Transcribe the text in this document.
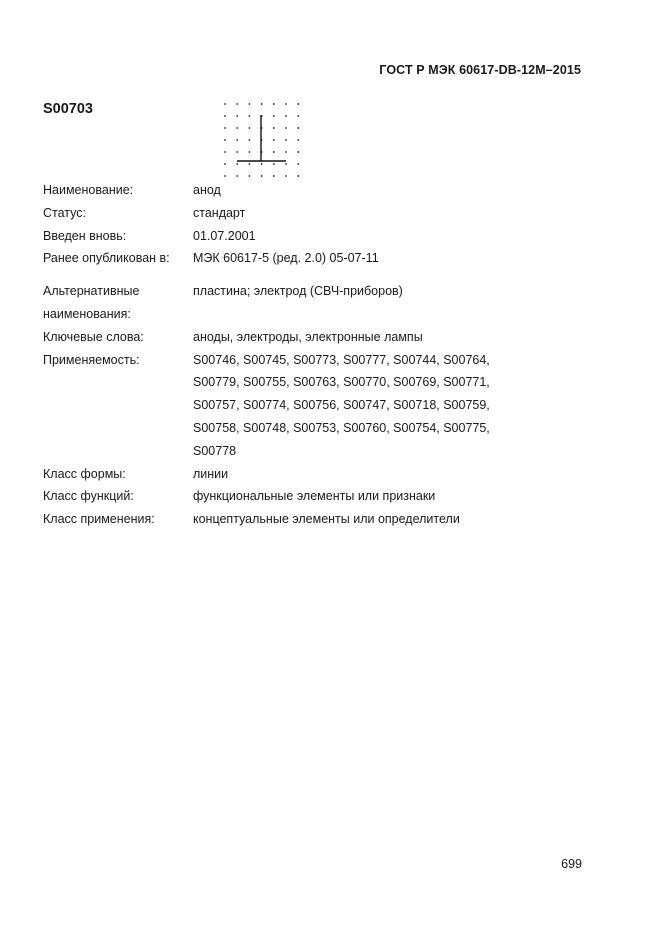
ГОСТ Р МЭК 60617-DB-12M–2015
S00703
Наименование:	анод
Статус:	стандарт
Введен вновь:	01.07.2001
Ранее опубликован в:	МЭК 60617-5 (ред. 2.0) 05-07-11
Альтернативные	пластина; электрод (СВЧ-приборов)
наименования:

Ключевые слова:	аноды, электроды, электронные лампы
Применяемость:	S00746, S00745, S00773, S00777, S00744, S00764,
S00779, S00755, S00763, S00770, S00769, S00771,
S00757, S00774, S00756, S00747, S00718, S00759,
S00758, S00748, S00753, S00760, S00754, S00775,
S00778
Класс формы:	линии
Класс функций:	функциональные элементы или признаки
Класс применения:	концептуальные элементы или определители
699
